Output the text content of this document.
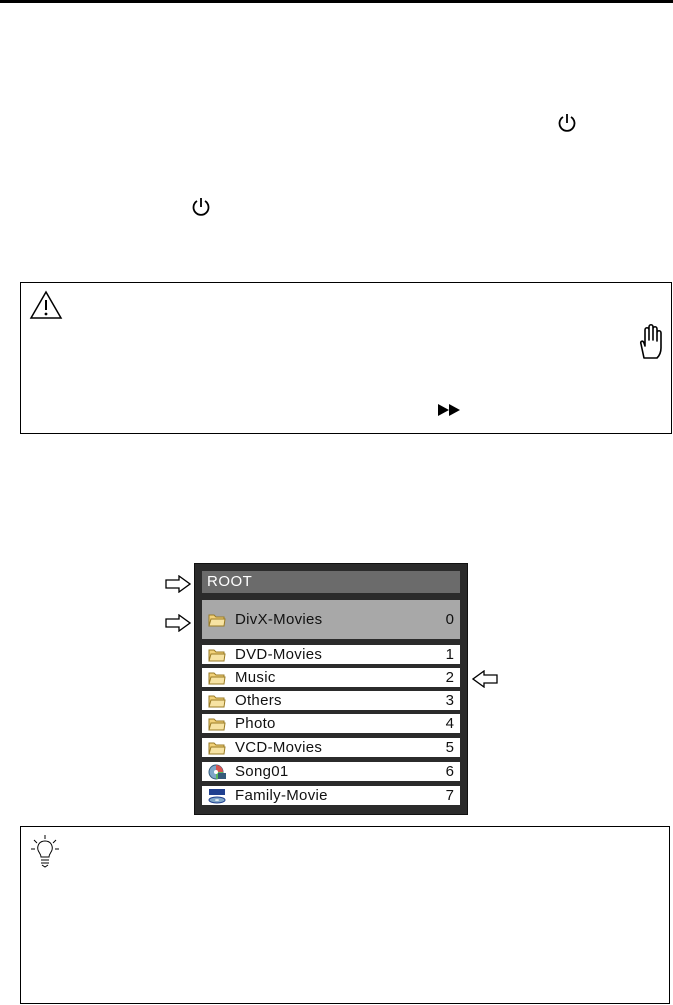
ROOT
DivX-Movies	0
DVD-Movies	1
Music	2
Others	3
Photo	4
VCD-Movies	5
Song01	6
Family-Movie	7
